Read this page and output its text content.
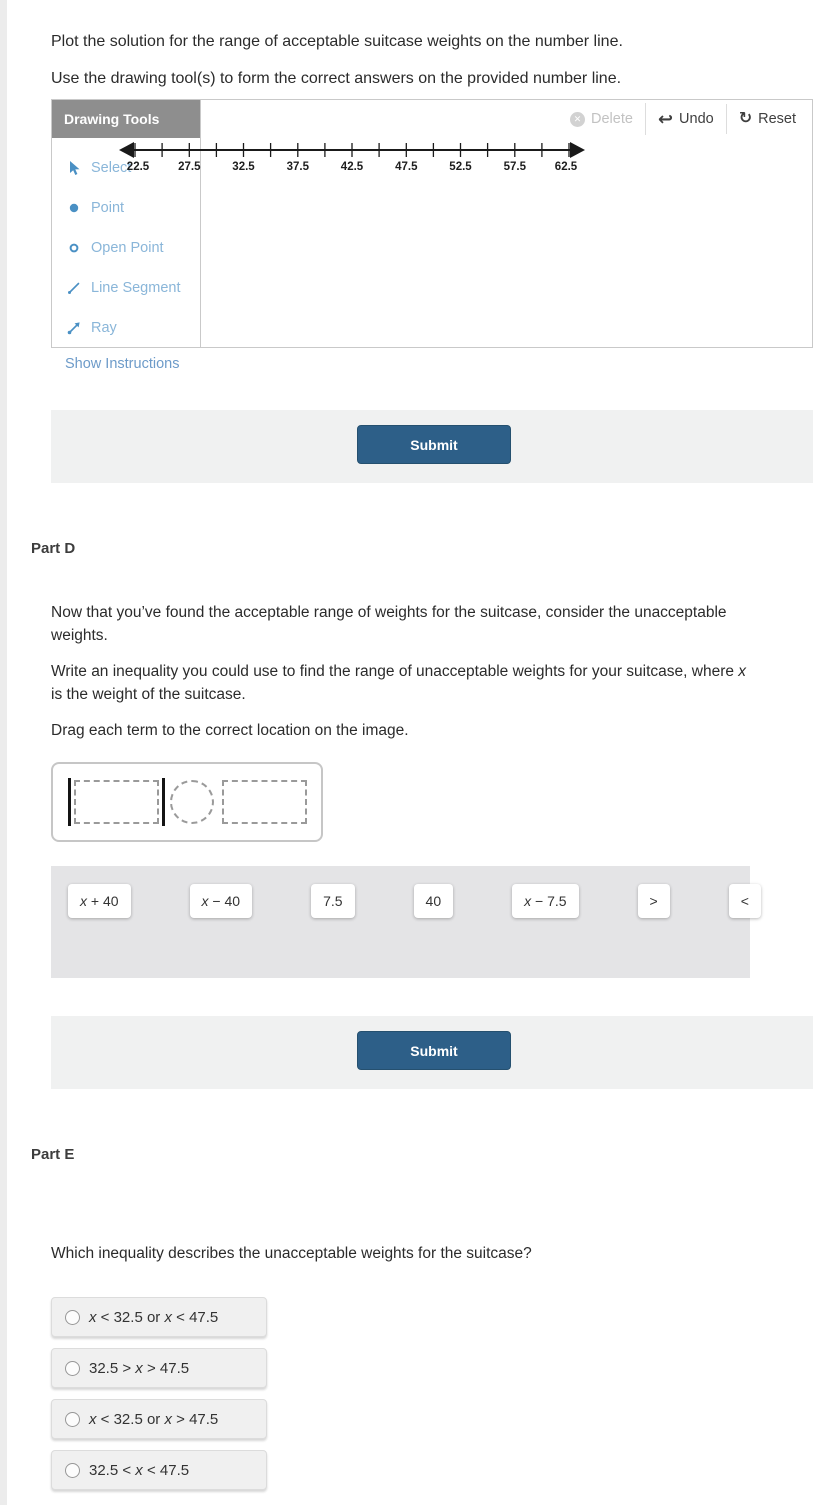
Plot the solution for the range of acceptable suitcase weights on the number line.

Use the drawing tool(s) to form the correct answers on the provided number line.

Drawing Tools
Select
Point
Open Point
Line Segment
Ray
✕ Delete ↩ Undo ↻ Reset
22.5	27.5	32.5	37.5	42.5	47.5	52.5	57.5	62.5
Show Instructions
Submit
Part D

Now that you’ve found the acceptable range of weights for the suitcase, consider the unacceptable weights.

Write an inequality you could use to find the range of unacceptable weights for your suitcase, where x is the weight of the suitcase.

Drag each term to the correct location on the image.

x + 40	x − 40	7.5	40	x − 7.5	>	<
Submit
Part E
Which inequality describes the unacceptable weights for the suitcase?
x < 32.5 or x < 47.5
32.5 > x > 47.5
x < 32.5 or x > 47.5
32.5 < x < 47.5
